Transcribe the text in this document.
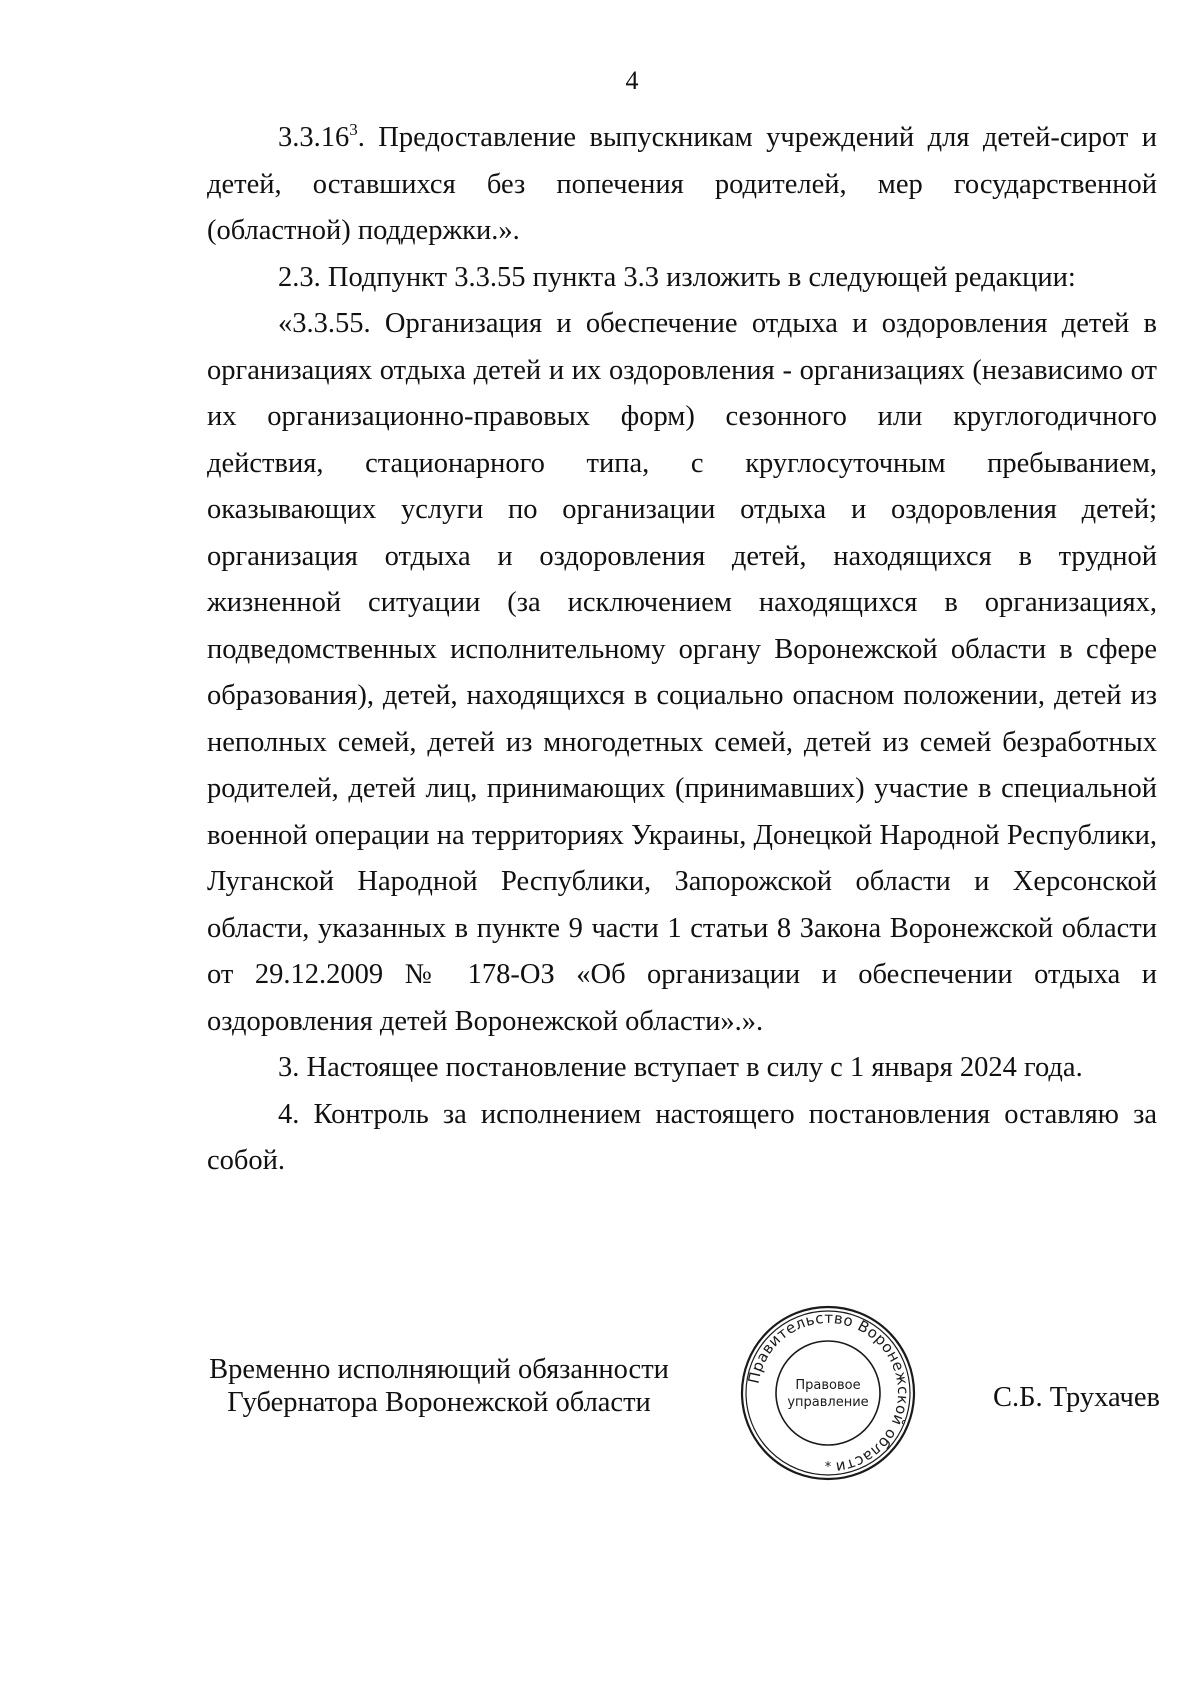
4

3.3.16$^3$. Предоставление выпускникам учреждений для детей-сирот и детей, оставшихся без попечения родителей, мер государственной (областной) поддержки.».

2.3. Подпункт 3.3.55 пункта 3.3 изложить в следующей редакции:

«3.3.55. Организация и обеспечение отдыха и оздоровления детей в организациях отдыха детей и их оздоровления - организациях (независимо от их организационно-правовых форм) сезонного или круглогодичного действия, стационарного типа, с круглосуточным пребыванием, оказывающих услуги по организации отдыха и оздоровления детей; организация отдыха и оздоровления детей, находящихся в трудной жизненной ситуации (за исключением находящихся в организациях, подведомственных исполнительному органу Воронежской области в сфере образования), детей, находящихся в социально опасном положении, детей из неполных семей, детей из многодетных семей, детей из семей безработных родителей, детей лиц, принимающих (принимавших) участие в специальной военной операции на территориях Украины, Донецкой Народной Республики, Луганской Народной Республики, Запорожской области и Херсонской области, указанных в пункте 9 части 1 статьи 8 Закона Воронежской области от 29.12.2009 № 178-ОЗ «Об организации и обеспечении отдыха и оздоровления детей Воронежской области».».

3. Настоящее постановление вступает в силу с 1 января 2024 года.

4. Контроль за исполнением настоящего постановления оставляю за собой.

Временно исполняющий обязанности
Губернатора Воронежской области
Правительство Воронежской области
Правовое
управление
*
С.Б. Трухачев
